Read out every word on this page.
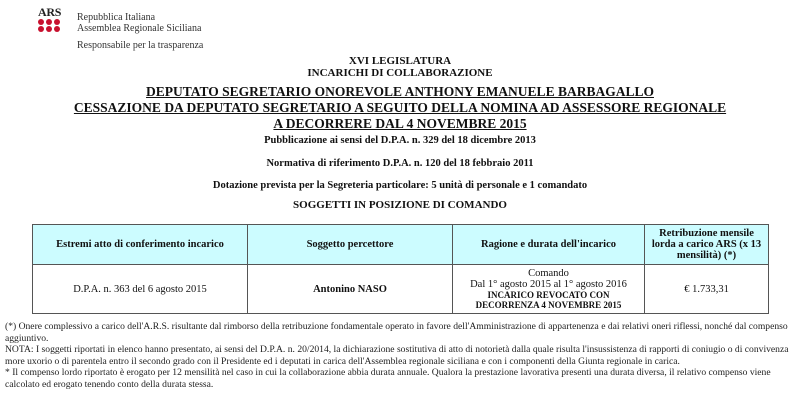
ARS Repubblica Italiana
Assemblea Regionale Siciliana
Responsabile per la trasparenza
XVI LEGISLATURA
INCARICHI DI COLLABORAZIONE
DEPUTATO SEGRETARIO ONOREVOLE ANTHONY EMANUELE BARBAGALLO
CESSAZIONE DA DEPUTATO SEGRETARIO A SEGUITO DELLA NOMINA AD ASSESSORE REGIONALE
A DECORRERE DAL 4 NOVEMBRE 2015
Pubblicazione ai sensi del D.P.A. n. 329 del 18 dicembre 2013
Normativa di riferimento D.P.A. n. 120 del 18 febbraio 2011
Dotazione prevista per la Segreteria particolare: 5 unità di personale e 1 comandato
SOGGETTI IN POSIZIONE DI COMANDO
Estremi atto di conferimento incarico	Soggetto percettore	Ragione e durata dell'incarico	Retribuzione mensile lorda a carico ARS (x 13 mensilità) (*)
D.P.A. n. 363 del 6 agosto 2015	Antonino NASO	Comando
Dal 1° agosto 2015 al 1° agosto 2016
INCARICO REVOCATO CON DECORRENZA 4 NOVEMBRE 2015	€ 1.733,31

(*) Onere complessivo a carico dell'A.R.S. risultante dal rimborso della retribuzione fondamentale operato in favore dell'Amministrazione di appartenenza e dai relativi oneri riflessi, nonché dal compenso aggiuntivo.

NOTA: I soggetti riportati in elenco hanno presentato, ai sensi del D.P.A. n. 20/2014, la dichiarazione sostitutiva di atto di notorietà dalla quale risulta l'insussistenza di rapporti di coniugio o di convivenza more uxorio o di parentela entro il secondo grado con il Presidente ed i deputati in carica dell'Assemblea regionale siciliana e con i componenti della Giunta regionale in carica.

* Il compenso lordo riportato è erogato per 12 mensilità nel caso in cui la collaborazione abbia durata annuale. Qualora la prestazione lavorativa presenti una durata diversa, il relativo compenso viene calcolato ed erogato tenendo conto della durata stessa.
